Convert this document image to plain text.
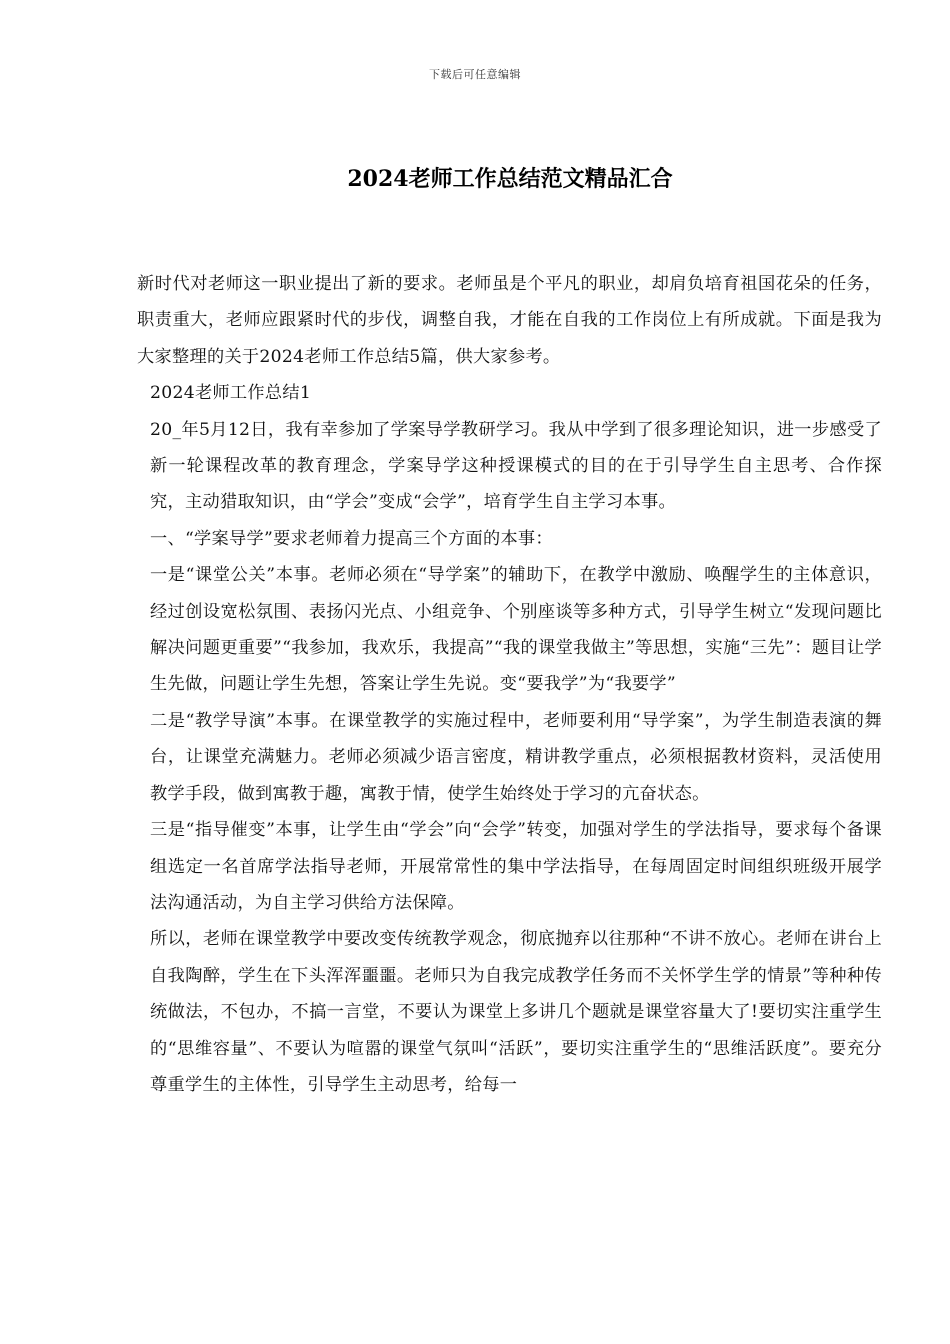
下载后可任意编辑
2024老师工作总结范文精品汇合

新时代对老师这一职业提出了新的要求。老师虽是个平凡的职业，却肩负培育祖国花朵的任务，职责重大，老师应跟紧时代的步伐，调整自我，才能在自我的工作岗位上有所成就。下面是我为大家整理的关于2024老师工作总结5篇，供大家参考。

2024老师工作总结1

20_年5月12日，我有幸参加了学案导学教研学习。我从中学到了很多理论知识，进一步感受了新一轮课程改革的教育理念，学案导学这种授课模式的目的在于引导学生自主思考、合作探究，主动猎取知识，由“学会”变成“会学”，培育学生自主学习本事。

一、“学案导学”要求老师着力提高三个方面的本事：

一是“课堂公关”本事。老师必须在“导学案”的辅助下，在教学中激励、唤醒学生的主体意识，经过创设宽松氛围、表扬闪光点、小组竞争、个别座谈等多种方式，引导学生树立“发现问题比解决问题更重要”“我参加，我欢乐，我提高”“我的课堂我做主”等思想，实施“三先”：题目让学生先做，问题让学生先想，答案让学生先说。变“要我学”为“我要学”

二是“教学导演”本事。在课堂教学的实施过程中，老师要利用“导学案”，为学生制造表演的舞台，让课堂充满魅力。老师必须减少语言密度，精讲教学重点，必须根据教材资料，灵活使用教学手段，做到寓教于趣，寓教于情，使学生始终处于学习的亢奋状态。

三是“指导催变”本事，让学生由“学会”向“会学”转变，加强对学生的学法指导，要求每个备课组选定一名首席学法指导老师，开展常常性的集中学法指导，在每周固定时间组织班级开展学法沟通活动，为自主学习供给方法保障。

所以，老师在课堂教学中要改变传统教学观念，彻底抛弃以往那种“不讲不放心。老师在讲台上自我陶醉，学生在下头浑浑噩噩。老师只为自我完成教学任务而不关怀学生学的情景”等种种传统做法，不包办，不搞一言堂，不要认为课堂上多讲几个题就是课堂容量大了!要切实注重学生的“思维容量”、不要认为喧嚣的课堂气氛叫“活跃”，要切实注重学生的“思维活跃度”。要充分尊重学生的主体性，引导学生主动思考，给每一
